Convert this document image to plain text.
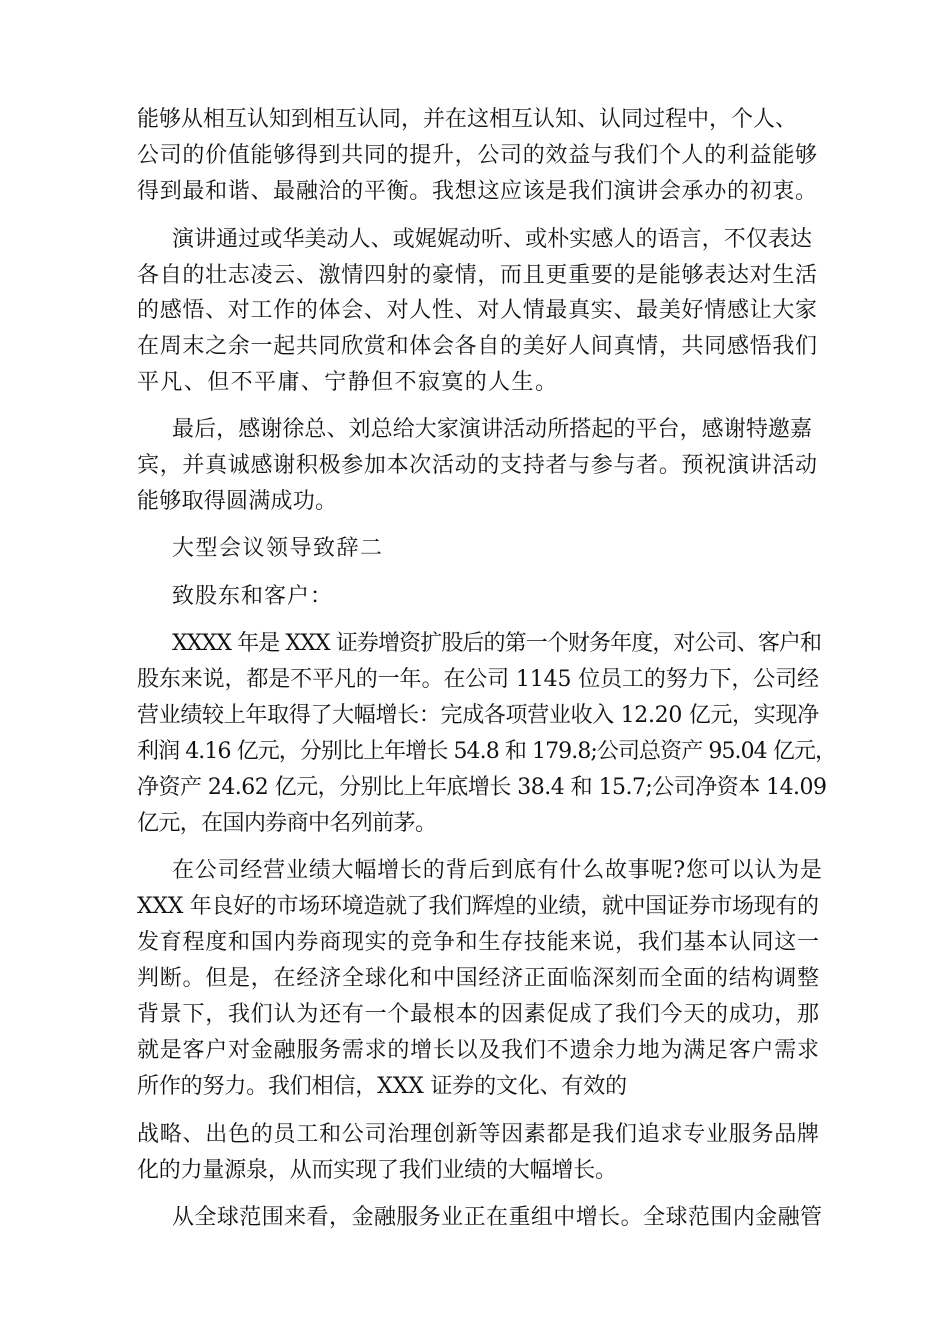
能够从相互认知到相互认同，并在这相互认知、认同过程中，个人、
公司的价值能够得到共同的提升，公司的效益与我们个人的利益能够
得到最和谐、最融洽的平衡。我想这应该是我们演讲会承办的初衷。
演讲通过或华美动人、或娓娓动听、或朴实感人的语言，不仅表达
各自的壮志凌云、激情四射的豪情，而且更重要的是能够表达对生活
的感悟、对工作的体会、对人性、对人情最真实、最美好情感让大家
在周末之余一起共同欣赏和体会各自的美好人间真情，共同感悟我们
平凡、但不平庸、宁静但不寂寞的人生。
最后，感谢徐总、刘总给大家演讲活动所搭起的平台，感谢特邀嘉
宾，并真诚感谢积极参加本次活动的支持者与参与者。预祝演讲活动
能够取得圆满成功。
大型会议领导致辞二
致股东和客户：
XXXX 年是 XXX 证券增资扩股后的第一个财务年度，对公司、客户和
股东来说，都是不平凡的一年。在公司 1145 位员工的努力下，公司经
营业绩较上年取得了大幅增长：完成各项营业收入 12.20 亿元，实现净
利润 4.16 亿元，分别比上年增长 54.8 和 179.8;公司总资产 95.04 亿元，
净资产 24.62 亿元，分别比上年底增长 38.4 和 15.7;公司净资本 14.09
亿元，在国内券商中名列前茅。
在公司经营业绩大幅增长的背后到底有什么故事呢?您可以认为是
XXX 年良好的市场环境造就了我们辉煌的业绩，就中国证券市场现有的
发育程度和国内券商现实的竞争和生存技能来说，我们基本认同这一
判断。但是，在经济全球化和中国经济正面临深刻而全面的结构调整
背景下，我们认为还有一个最根本的因素促成了我们今天的成功，那
就是客户对金融服务需求的增长以及我们不遗余力地为满足客户需求
所作的努力。我们相信，XXX 证券的文化、有效的
战略、出色的员工和公司治理创新等因素都是我们追求专业服务品牌
化的力量源泉，从而实现了我们业绩的大幅增长。
从全球范围来看，金融服务业正在重组中增长。全球范围内金融管
